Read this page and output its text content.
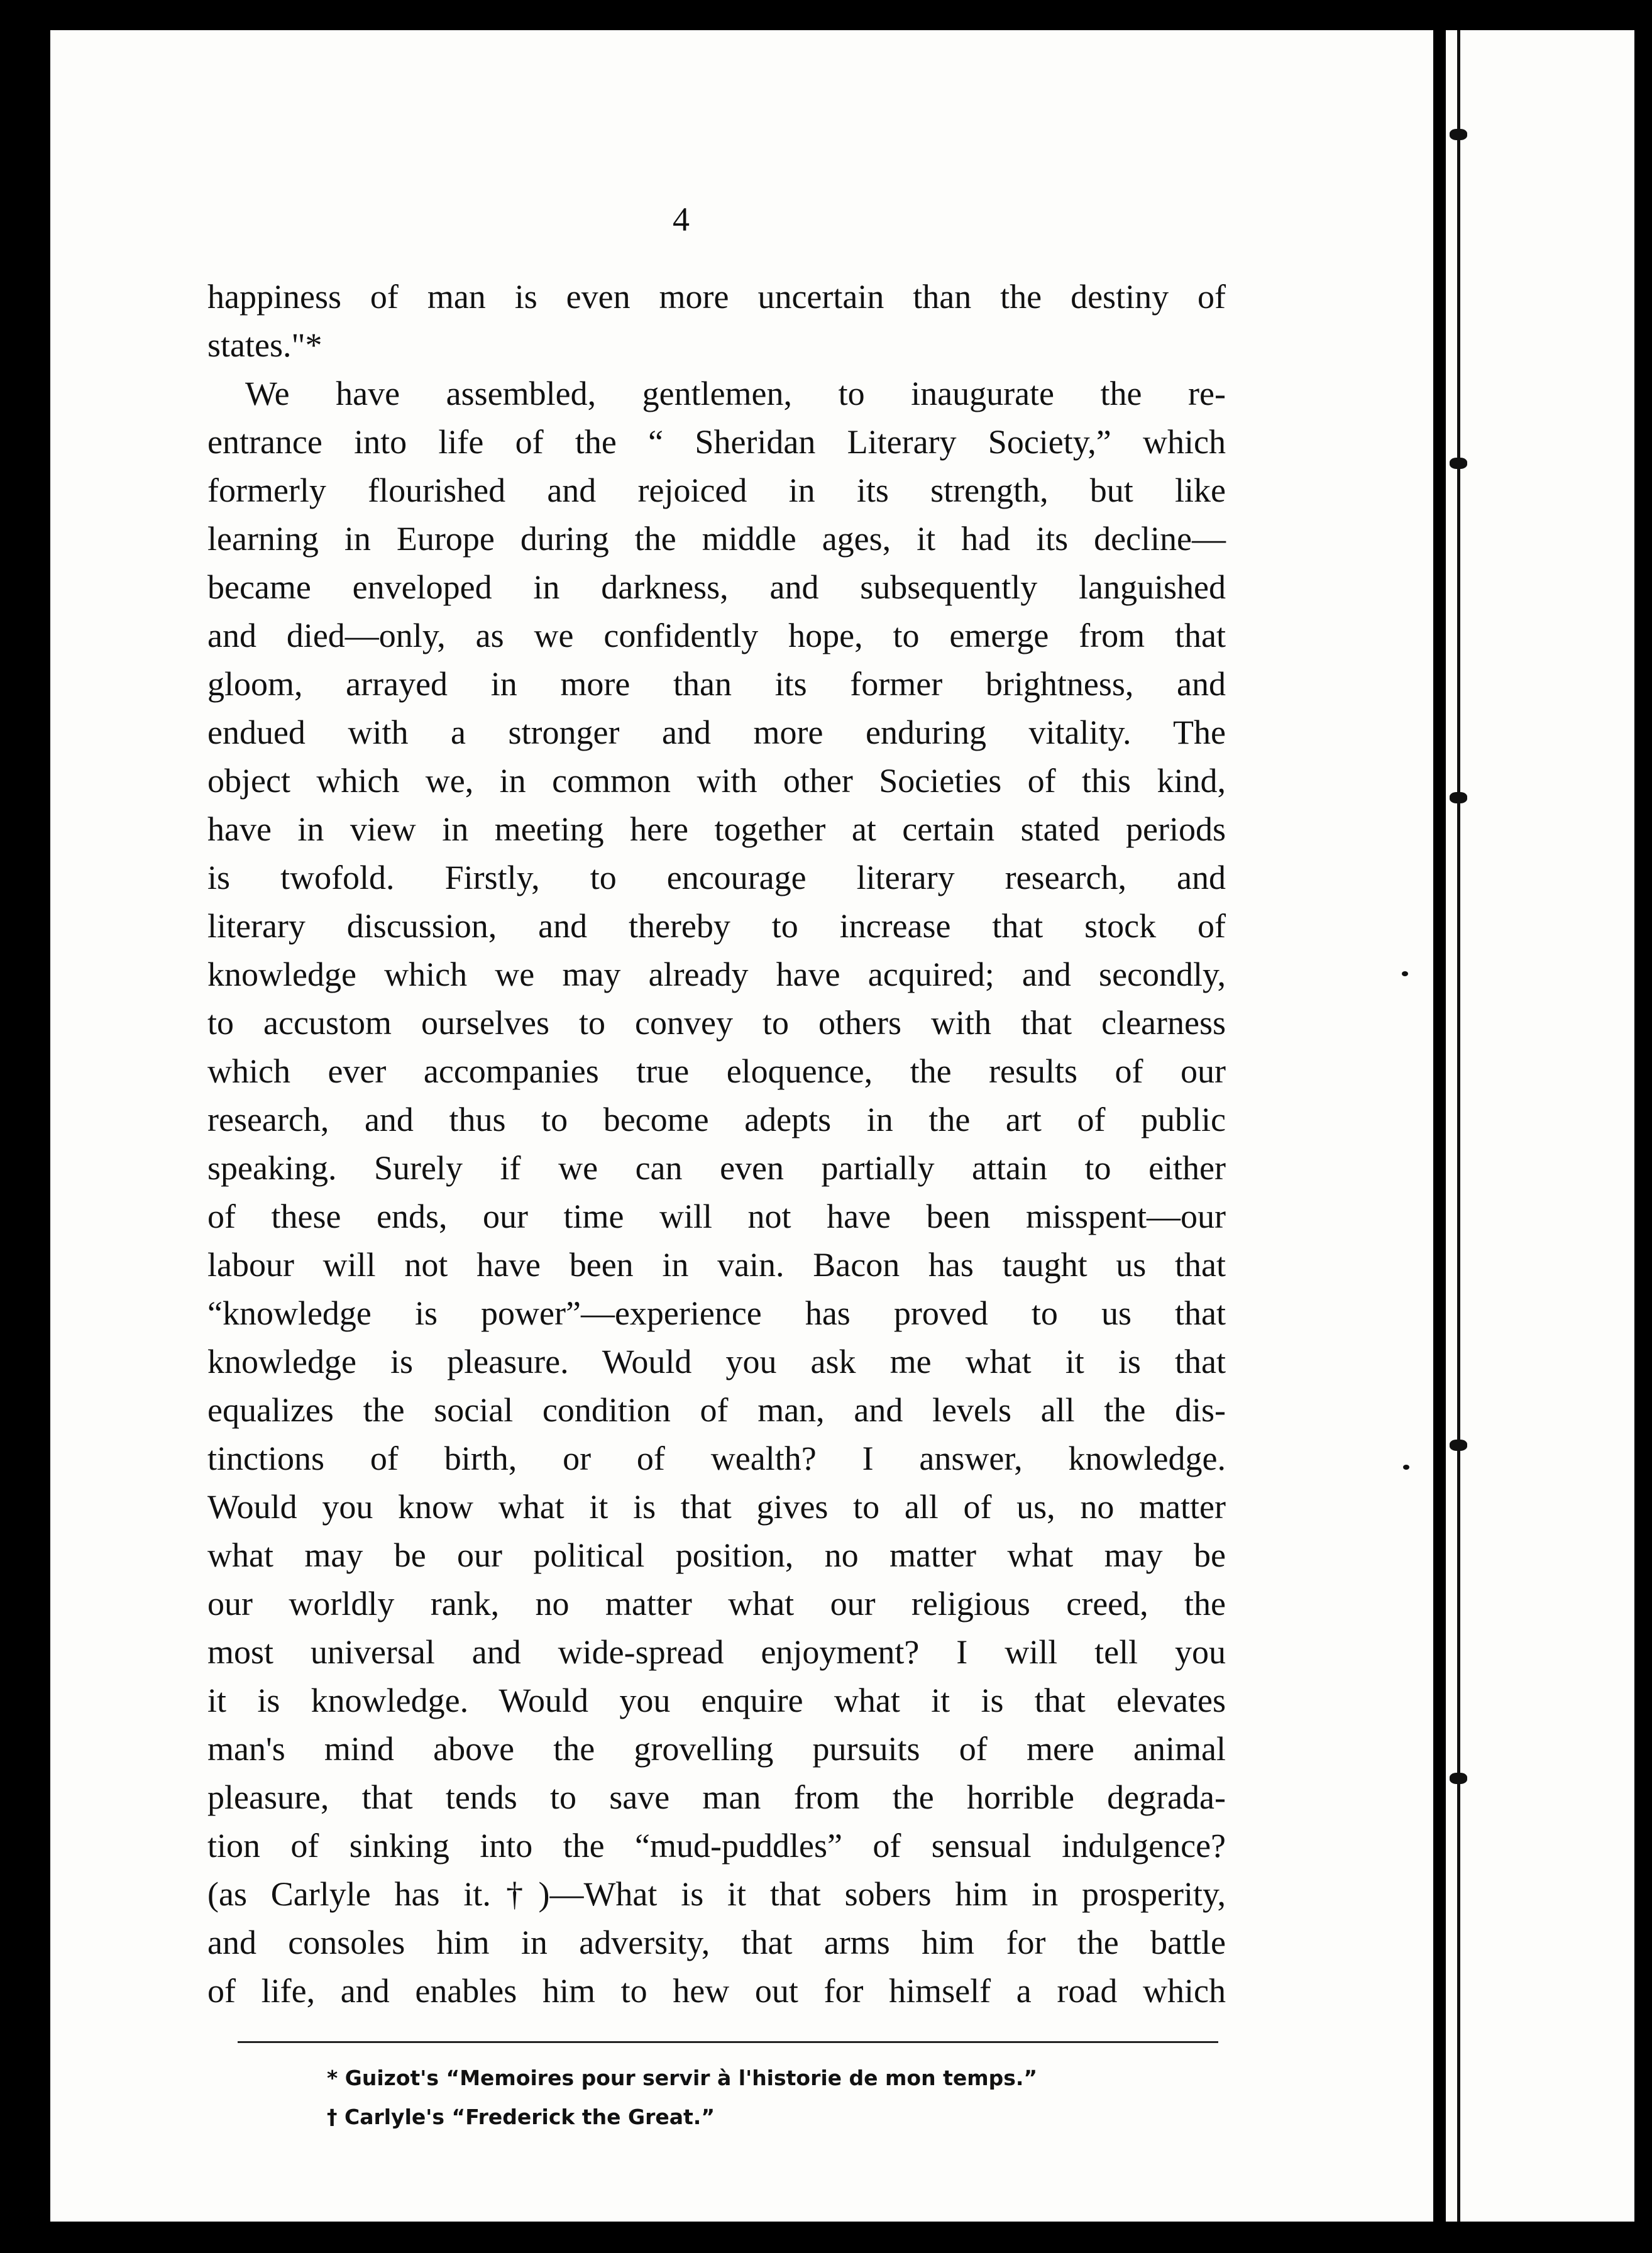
4
happiness of man is even more uncertain than the destiny of
states."*
We have assembled, gentlemen, to inaugurate the re-
entrance into life of the “ Sheridan Literary Society,” which
formerly flourished and rejoiced in its strength, but like
learning in Europe during the middle ages, it had its decline—
became enveloped in darkness, and subsequently languished
and died—only, as we confidently hope, to emerge from that
gloom, arrayed in more than its former brightness, and
endued with a stronger and more enduring vitality. The
object which we, in common with other Societies of this kind,
have in view in meeting here together at certain stated periods
is twofold. Firstly, to encourage literary research, and
literary discussion, and thereby to increase that stock of
knowledge which we may already have acquired; and secondly,
to accustom ourselves to convey to others with that clearness
which ever accompanies true eloquence, the results of our
research, and thus to become adepts in the art of public
speaking. Surely if we can even partially attain to either
of these ends, our time will not have been misspent—our
labour will not have been in vain. Bacon has taught us that
“knowledge is power”—experience has proved to us that
knowledge is pleasure. Would you ask me what it is that
equalizes the social condition of man, and levels all the dis-
tinctions of birth, or of wealth? I answer, knowledge.
Would you know what it is that gives to all of us, no matter
what may be our political position, no matter what may be
our worldly rank, no matter what our religious creed, the
most universal and wide-spread enjoyment? I will tell you
it is knowledge. Would you enquire what it is that elevates
man's mind above the grovelling pursuits of mere animal
pleasure, that tends to save man from the horrible degrada-
tion of sinking into the “mud-puddles” of sensual indulgence?
(as Carlyle has it.†)—What is it that sobers him in prosperity,
and consoles him in adversity, that arms him for the battle
of life, and enables him to hew out for himself a road which
* Guizot's “Memoires pour servir à l'historie de mon temps.”
† Carlyle's “Frederick the Great.”
